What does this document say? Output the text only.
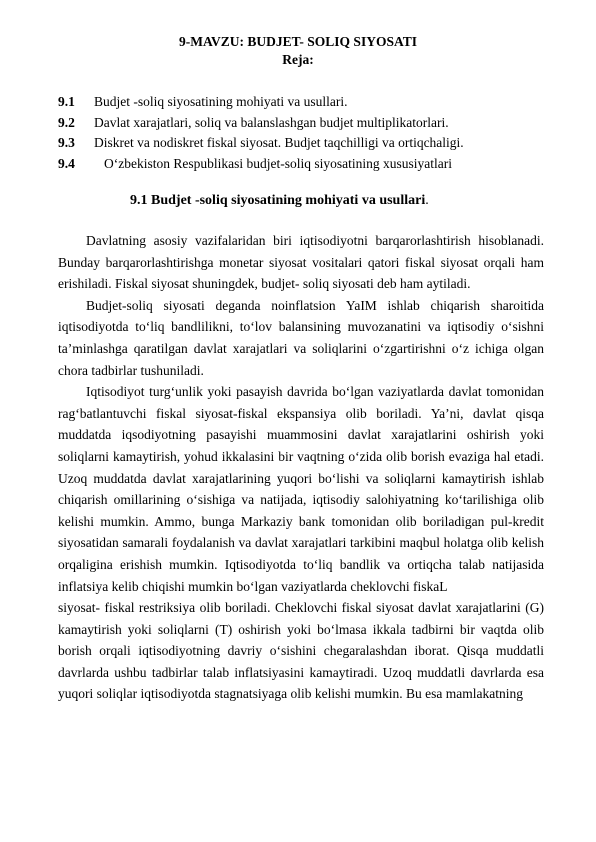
9-MAVZU: BUDJET- SOLIQ SIYOSATI
Reja:
9.1 Budjet -soliq siyosatining mohiyati va usullari.
9.2 Davlat xarajatlari, soliq va balanslashgan budjet multiplikatorlari.
9.3 Diskret va nodiskret fiskal siyosat. Budjet taqchilligi va ortiqchaligi.
9.4 O‘zbekiston Respublikasi budjet-soliq siyosatining xususiyatlari
9.1 Budjet -soliq siyosatining mohiyati va usullari.

Davlatning asosiy vazifalaridan biri iqtisodiyotni barqarorlashtirish hisoblanadi. Bunday barqarorlashtirishga monetar siyosat vositalari qatori fiskal siyosat orqali ham erishiladi. Fiskal siyosat shuningdek, budjet- soliq siyosati deb ham aytiladi.

Budjet-soliq siyosati deganda noinflatsion YaIM ishlab chiqarish sharoitida iqtisodiyotda to‘liq bandlilikni, to‘lov balansining muvozanatini va iqtisodiy o‘sishni ta’minlashga qaratilgan davlat xarajatlari va soliqlarini o‘zgartirishni o‘z ichiga olgan chora tadbirlar tushuniladi.

Iqtisodiyot turg‘unlik yoki pasayish davrida bo‘lgan vaziyatlarda davlat tomonidan rag‘batlantuvchi fiskal siyosat-fiskal ekspansiya olib boriladi. Ya’ni, davlat qisqa muddatda iqsodiyotning pasayishi muammosini davlat xarajatlarini oshirish yoki soliqlarni kamaytirish, yohud ikkalasini bir vaqtning o‘zida olib borish evaziga hal etadi. Uzoq muddatda davlat xarajatlarining yuqori bo‘lishi va soliqlarni kamaytirish ishlab chiqarish omillarining o‘sishiga va natijada, iqtisodiy salohiyatning ko‘tarilishiga olib kelishi mumkin. Ammo, bunga Markaziy bank tomonidan olib boriladigan pul-kredit siyosatidan samarali foydalanish va davlat xarajatlari tarkibini maqbul holatga olib kelish orqaligina erishish mumkin. Iqtisodiyotda to‘liq bandlik va ortiqcha talab natijasida inflatsiya kelib chiqishi mumkin bo‘lgan vaziyatlarda cheklovchi fiskaL

siyosat- fiskal restriksiya olib boriladi. Cheklovchi fiskal siyosat davlat xarajatlarini (G) kamaytirish yoki soliqlarni (T) oshirish yoki bo‘lmasa ikkala tadbirni bir vaqtda olib borish orqali iqtisodiyotning davriy o‘sishini chegaralashdan iborat. Qisqa muddatli davrlarda ushbu tadbirlar talab inflatsiyasini kamaytiradi. Uzoq muddatli davrlarda esa yuqori soliqlar iqtisodiyotda stagnatsiyaga olib kelishi mumkin. Bu esa mamlakatning
